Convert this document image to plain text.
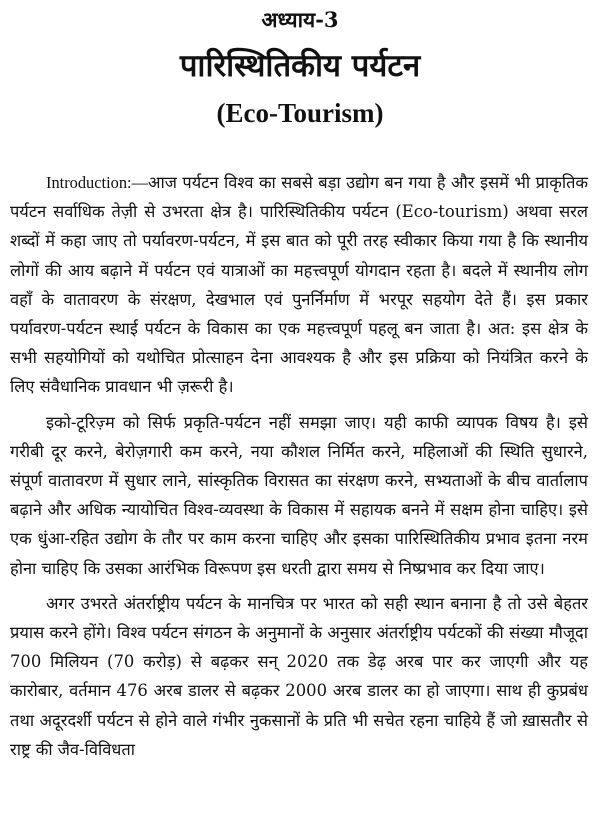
अध्याय-3
पारिस्थितिकीय पर्यटन
(Eco-Tourism)

Introduction:—आज पर्यटन विश्व का सबसे बड़ा उद्योग बन गया है और इसमें भी प्राकृतिक पर्यटन सर्वाधिक तेज़ी से उभरता क्षेत्र है। पारिस्थितिकीय पर्यटन (Eco-tourism) अथवा सरल शब्दों में कहा जाए तो पर्यावरण-पर्यटन, में इस बात को पूरी तरह स्वीकार किया गया है कि स्थानीय लोगों की आय बढ़ाने में पर्यटन एवं यात्राओं का महत्त्वपूर्ण योगदान रहता है। बदले में स्थानीय लोग वहाँ के वातावरण के संरक्षण, देखभाल एवं पुनर्निर्माण में भरपूर सहयोग देते हैं। इस प्रकार पर्यावरण-पर्यटन स्थाई पर्यटन के विकास का एक महत्त्वपूर्ण पहलू बन जाता है। अत: इस क्षेत्र के सभी सहयोगियों को यथोचित प्रोत्साहन देना आवश्यक है और इस प्रक्रिया को नियंत्रित करने के लिए संवैधानिक प्रावधान भी ज़रूरी है।

इको-टूरिज़्म को सिर्फ प्रकृति-पर्यटन नहीं समझा जाए। यही काफी व्यापक विषय है। इसे गरीबी दूर करने, बेरोज़गारी कम करने, नया कौशल निर्मित करने, महिलाओं की स्थिति सुधारने, संपूर्ण वातावरण में सुधार लाने, सांस्कृतिक विरासत का संरक्षण करने, सभ्यताओं के बीच वार्तालाप बढ़ाने और अधिक न्यायोचित विश्व-व्यवस्था के विकास में सहायक बनने में सक्षम होना चाहिए। इसे एक धुंआ-रहित उद्योग के तौर पर काम करना चाहिए और इसका पारिस्थितिकीय प्रभाव इतना नरम होना चाहिए कि उसका आरंभिक विरूपण इस धरती द्वारा समय से निष्प्रभाव कर दिया जाए।

अगर उभरते अंतर्राष्ट्रीय पर्यटन के मानचित्र पर भारत को सही स्थान बनाना है तो उसे बेहतर प्रयास करने होंगे। विश्व पर्यटन संगठन के अनुमानों के अनुसार अंतर्राष्ट्रीय पर्यटकों की संख्या मौजूदा 700 मिलियन (70 करोड़) से बढ़कर सन् 2020 तक डेढ़ अरब पार कर जाएगी और यह कारोबार, वर्तमान 476 अरब डालर से बढ़कर 2000 अरब डालर का हो जाएगा। साथ ही कुप्रबंध तथा अदूरदर्शी पर्यटन से होने वाले गंभीर नुकसानों के प्रति भी सचेत रहना चाहिये हैं जो ख़ासतौर से राष्ट्र की जैव-विविधता
